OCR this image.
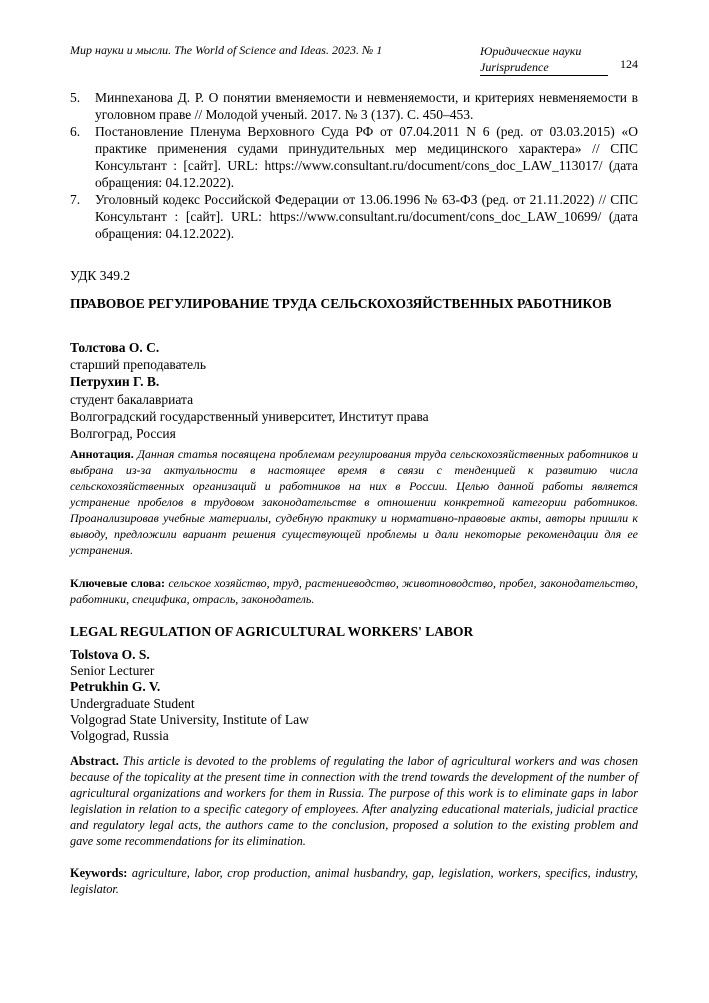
Мир науки и мысли. The World of Science and Ideas. 2023. № 1	Юридические науки
Jurisprudence	124
5.	Минneханова Д. Р. О понятии вменяемости и невменяемости, и критериях невменяемости в уголовном праве // Молодой ученый. 2017. № 3 (137). С. 450–453.
6.	Постановление Пленума Верховного Суда РФ от 07.04.2011 N 6 (ред. от 03.03.2015) «О практике применения судами принудительных мер медицинского характера» // СПС Консультант : [сайт]. URL: https://www.consultant.ru/document/cons_doc_LAW_113017/ (дата обращения: 04.12.2022).
7.	Уголовный кодекс Российской Федерации от 13.06.1996 № 63-ФЗ (ред. от 21.11.2022) // СПС Консультант : [сайт]. URL: https://www.consultant.ru/document/cons_doc_LAW_10699/ (дата обращения: 04.12.2022).
УДК 349.2
ПРАВОВОЕ РЕГУЛИРОВАНИЕ ТРУДА СЕЛЬСКОХОЗЯЙСТВЕННЫХ РАБОТНИКОВ
Толстова О. С.
старший преподаватель
Петрухин Г. В.
студент бакалавриата
Волгоградский государственный университет, Институт права
Волгоград, Россия
Аннотация. Данная статья посвящена проблемам регулирования труда сельскохозяйственных работников и выбрана из-за актуальности в настоящее время в связи с тенденцией к развитию числа сельскохозяйственных организаций и работников на них в России. Целью данной работы является устранение пробелов в трудовом законодательстве в отношении конкретной категории работников. Проанализировав учебные материалы, судебную практику и нормативно-правовые акты, авторы пришли к выводу, предложили вариант решения существующей проблемы и дали некоторые рекомендации для ее устранения.
Ключевые слова: сельское хозяйство, труд, растениеводство, животноводство, пробел, законодательство, работники, специфика, отрасль, законодатель.
LEGAL REGULATION OF AGRICULTURAL WORKERS' LABOR
Tolstova O. S.
Senior Lecturer
Petrukhin G. V.
Undergraduate Student
Volgograd State University, Institute of Law
Volgograd, Russia
Abstract. This article is devoted to the problems of regulating the labor of agricultural workers and was chosen because of the topicality at the present time in connection with the trend towards the development of the number of agricultural organizations and workers for them in Russia. The purpose of this work is to eliminate gaps in labor legislation in relation to a specific category of employees. After analyzing educational materials, judicial practice and regulatory legal acts, the authors came to the conclusion, proposed a solution to the existing problem and gave some recommendations for its elimination.
Keywords: agriculture, labor, crop production, animal husbandry, gap, legislation, workers, specifics, industry, legislator.
